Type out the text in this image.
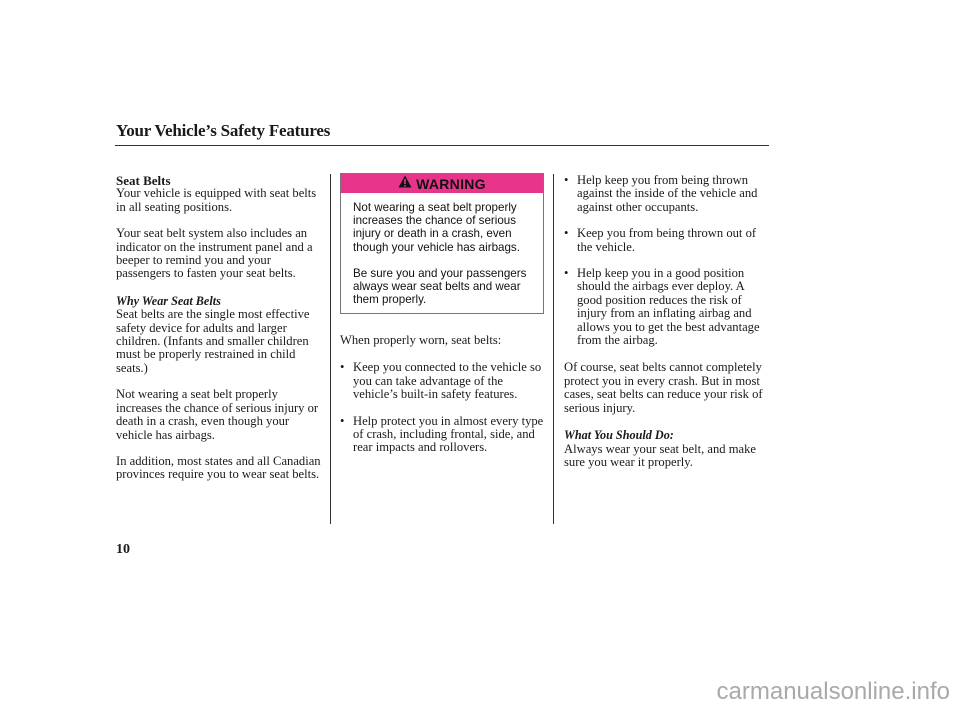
Your Vehicle’s Safety Features

Seat Belts

Your vehicle is equipped with seat belts in all seating positions.

Your seat belt system also includes an indicator on the instrument panel and a beeper to remind you and your passengers to fasten your seat belts.

Why Wear Seat Belts

Seat belts are the single most effective safety device for adults and larger children. (Infants and smaller children must be properly restrained in child seats.)

Not wearing a seat belt properly increases the chance of serious injury or death in a crash, even though your vehicle has airbags.

In addition, most states and all Canadian provinces require you to wear seat belts.

WARNING

Not wearing a seat belt properly increases the chance of serious injury or death in a crash, even though your vehicle has airbags.

Be sure you and your passengers always wear seat belts and wear them properly.

When properly worn, seat belts:

• Keep you connected to the vehicle so you can take advantage of the vehicle’s built-in safety features.
• Help protect you in almost every type of crash, including frontal, side, and rear impacts and rollovers.
• Help keep you from being thrown against the inside of the vehicle and against other occupants.
• Keep you from being thrown out of the vehicle.
• Help keep you in a good position should the airbags ever deploy. A good position reduces the risk of injury from an inflating airbag and allows you to get the best advantage from the airbag.

Of course, seat belts cannot completely protect you in every crash. But in most cases, seat belts can reduce your risk of serious injury.

What You Should Do:

Always wear your seat belt, and make sure you wear it properly.

10
carmanualsonline.info
